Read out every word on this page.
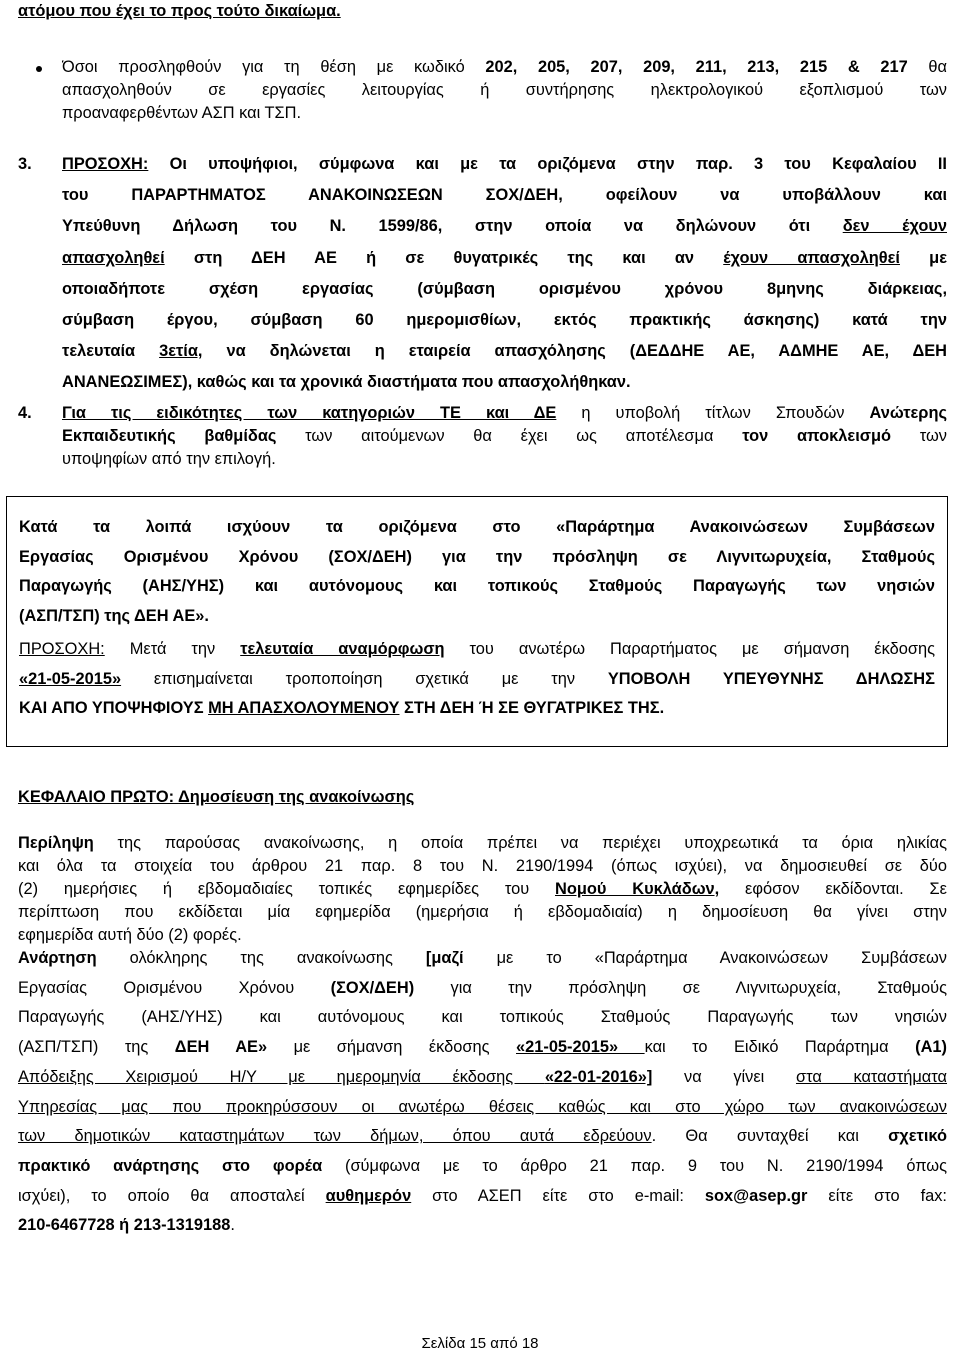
ατόμου που έχει το προς τούτο δικαίωμα.
Όσοι προσληφθούν για τη θέση με κωδικό 202, 205, 207, 209, 211, 213, 215 & 217 θα
απασχοληθούν σε εργασίες λειτουργίας ή συντήρησης ηλεκτρολογικού εξοπλισμού των
προαναφερθέντων ΑΣΠ και ΤΣΠ.
3. ΠΡΟΣΟΧΗ: Οι υποψήφιοι, σύμφωνα και με τα οριζόμενα στην παρ. 3 του Κεφαλαίου ΙΙ
του ΠΑΡΑΡΤΗΜΑΤΟΣ ΑΝΑΚΟΙΝΩΣΕΩΝ ΣΟΧ/ΔΕΗ, οφείλουν να υποβάλλουν και
Υπεύθυνη Δήλωση του Ν. 1599/86, στην οποία να δηλώνουν ότι δεν έχουν
απασχοληθεί στη ΔΕΗ ΑΕ ή σε θυγατρικές της και αν έχουν απασχοληθεί με
οποιαδήποτε σχέση εργασίας (σύμβαση ορισμένου χρόνου 8μηνης διάρκειας,
σύμβαση έργου, σύμβαση 60 ημερομισθίων, εκτός πρακτικής άσκησης) κατά την
τελευταία 3ετία, να δηλώνεται η εταιρεία απασχόλησης (ΔΕΔΔΗΕ ΑΕ, ΑΔΜΗΕ ΑΕ, ΔΕΗ
ΑΝΑΝΕΩΣΙΜΕΣ), καθώς και τα χρονικά διαστήματα που απασχολήθηκαν.
4. Για τις ειδικότητες των κατηγοριών ΤΕ και ΔΕ η υποβολή τίτλων Σπουδών Ανώτερης
Εκπαιδευτικής βαθμίδας των αιτούμενων θα έχει ως αποτέλεσμα τον αποκλεισμό των
υποψηφίων από την επιλογή.
Κατά τα λοιπά ισχύουν τα οριζόμενα στο «Παράρτημα Ανακοινώσεων Συμβάσεων
Εργασίας Ορισμένου Χρόνου (ΣΟΧ/ΔΕΗ) για την πρόσληψη σε Λιγνιτωρυχεία, Σταθμούς
Παραγωγής (ΑΗΣ/ΥΗΣ) και αυτόνομους και τοπικούς Σταθμούς Παραγωγής των νησιών
(ΑΣΠ/ΤΣΠ) της ΔΕΗ ΑΕ».
ΠΡΟΣΟΧΗ: Μετά την τελευταία αναμόρφωση του ανωτέρω Παραρτήματος με σήμανση έκδοσης
«21-05-2015» επισημαίνεται τροποποίηση σχετικά με την ΥΠΟΒΟΛΗ ΥΠΕΥΘΥΝΗΣ ΔΗΛΩΣΗΣ
ΚΑΙ ΑΠΟ ΥΠΟΨΗΦΙΟΥΣ ΜΗ ΑΠΑΣΧΟΛΟΥΜΕΝΟΥ ΣΤΗ ΔΕΗ Ή ΣΕ ΘΥΓΑΤΡΙΚΕΣ ΤΗΣ.
ΚΕΦΑΛΑΙΟ ΠΡΩΤΟ: Δημοσίευση της ανακοίνωσης
Περίληψη της παρούσας ανακοίνωσης, η οποία πρέπει να περιέχει υποχρεωτικά τα όρια ηλικίας
και όλα τα στοιχεία του άρθρου 21 παρ. 8 του Ν. 2190/1994 (όπως ισχύει), να δημοσιευθεί σε δύο
(2) ημερήσιες ή εβδομαδιαίες τοπικές εφημερίδες του Νομού Κυκλάδων, εφόσον εκδίδονται. Σε
περίπτωση που εκδίδεται μία εφημερίδα (ημερήσια ή εβδομαδιαία) η δημοσίευση θα γίνει στην
εφημερίδα αυτή δύο (2) φορές.
Ανάρτηση ολόκληρης της ανακοίνωσης [μαζί με το «Παράρτημα Ανακοινώσεων Συμβάσεων
Εργασίας Ορισμένου Χρόνου (ΣΟΧ/ΔΕΗ) για την πρόσληψη σε Λιγνιτωρυχεία, Σταθμούς
Παραγωγής (ΑΗΣ/ΥΗΣ) και αυτόνομους και τοπικούς Σταθμούς Παραγωγής των νησιών
(ΑΣΠ/ΤΣΠ) της ΔΕΗ ΑΕ» με σήμανση έκδοσης «21-05-2015» και το Ειδικό Παράρτημα (Α1)
Απόδειξης Χειρισμού Η/Υ με ημερομηνία έκδοσης «22-01-2016»] να γίνει στα καταστήματα
Υπηρεσίας μας που προκηρύσσουν οι ανωτέρω θέσεις καθώς και στο χώρο των ανακοινώσεων
των δημοτικών καταστημάτων των δήμων, όπου αυτά εδρεύουν. Θα συνταχθεί και σχετικό
πρακτικό ανάρτησης στο φορέα (σύμφωνα με το άρθρο 21 παρ. 9 του Ν. 2190/1994 όπως
ισχύει), το οποίο θα αποσταλεί αυθημερόν στο ΑΣΕΠ είτε στο e-mail: sox@asep.gr είτε στο fax:
210-6467728 ή 213-1319188.
Σελίδα 15 από 18
